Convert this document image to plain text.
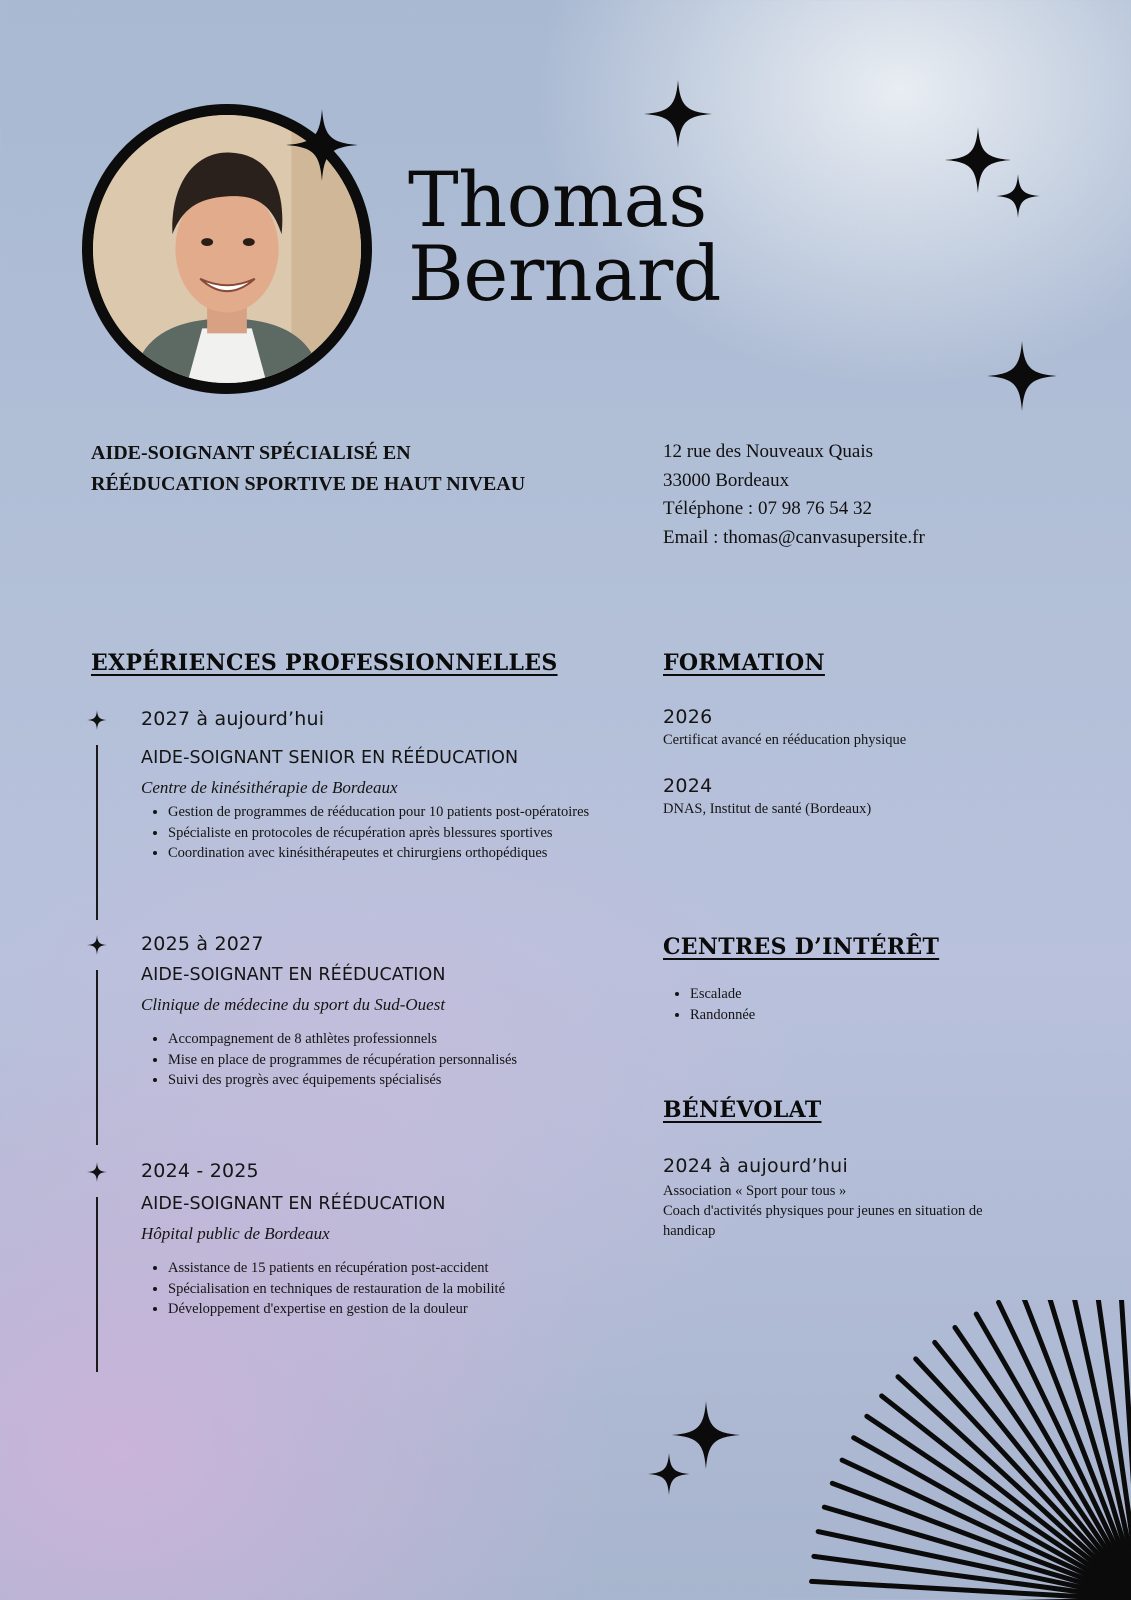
Thomas
Bernard
AIDE-SOIGNANT SPÉCIALISÉ EN
RÉÉDUCATION SPORTIVE DE HAUT NIVEAU
12 rue des Nouveaux Quais
33000 Bordeaux
Téléphone : 07 98 76 54 32
Email : thomas@canvasupersite.fr
EXPÉRIENCES PROFESSIONNELLES
2027 à aujourd’hui
AIDE-SOIGNANT SENIOR EN RÉÉDUCATION
Centre de kinésithérapie de Bordeaux
• Gestion de programmes de rééducation pour 10 patients post-opératoires
• Spécialiste en protocoles de récupération après blessures sportives
• Coordination avec kinésithérapeutes et chirurgiens orthopédiques
2025 à 2027
AIDE-SOIGNANT EN RÉÉDUCATION
Clinique de médecine du sport du Sud-Ouest
• Accompagnement de 8 athlètes professionnels
• Mise en place de programmes de récupération personnalisés
• Suivi des progrès avec équipements spécialisés
2024 - 2025
AIDE-SOIGNANT EN RÉÉDUCATION
Hôpital public de Bordeaux
• Assistance de 15 patients en récupération post-accident
• Spécialisation en techniques de restauration de la mobilité
• Développement d'expertise en gestion de la douleur
FORMATION
2026
Certificat avancé en rééducation physique
2024
DNAS, Institut de santé (Bordeaux)
CENTRES D’INTÉRÊT
• Escalade
• Randonnée
BÉNÉVOLAT
2024 à aujourd’hui
Association « Sport pour tous »
Coach d'activités physiques pour jeunes en situation de
handicap
